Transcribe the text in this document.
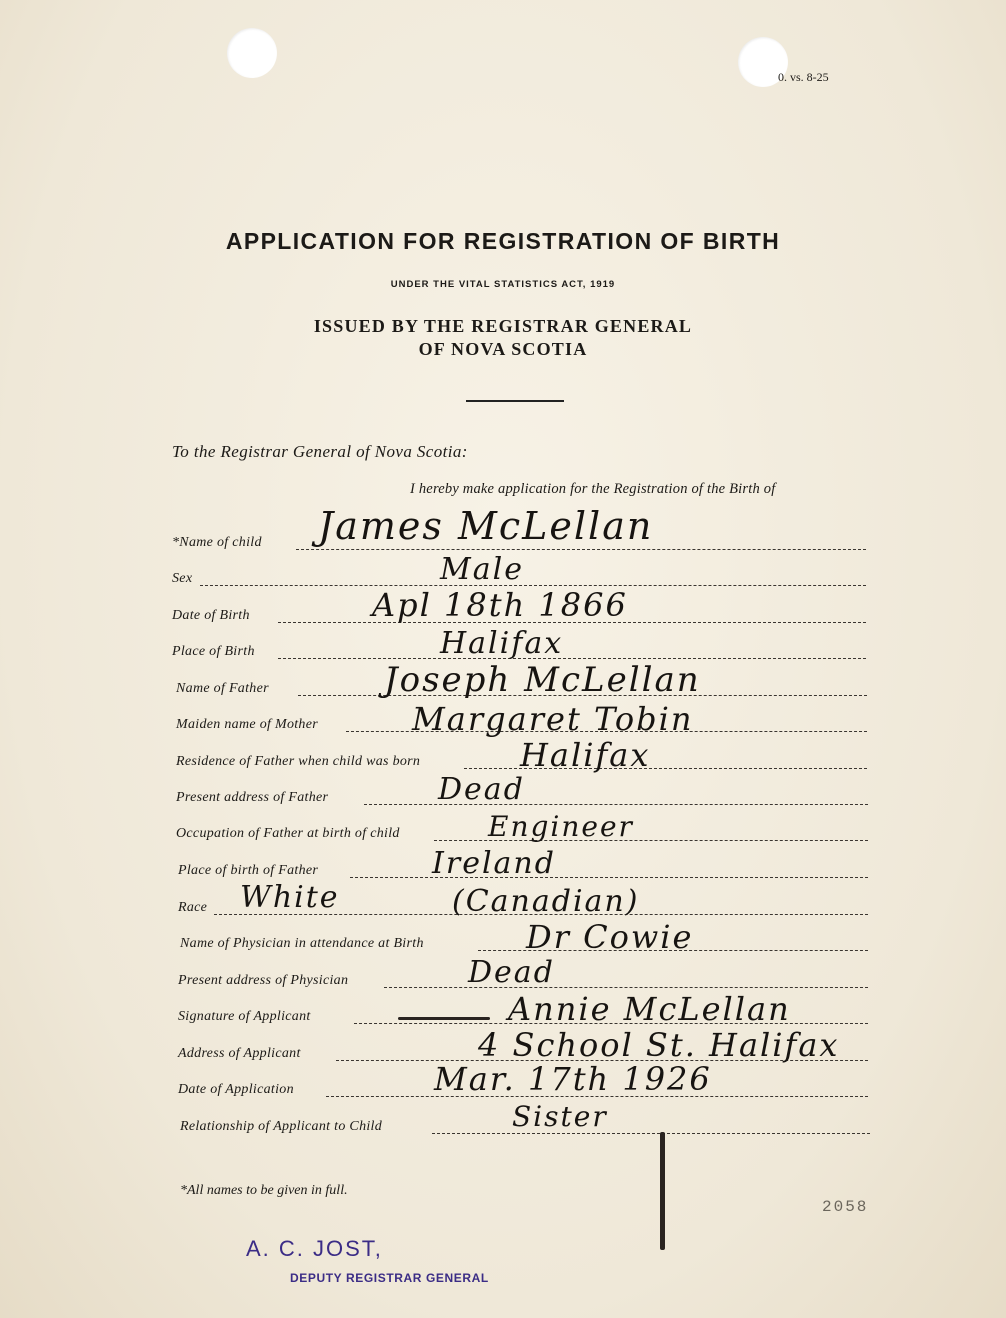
0. vs. 8-25
APPLICATION FOR REGISTRATION OF BIRTH
UNDER THE VITAL STATISTICS ACT, 1919
ISSUED BY THE REGISTRAR GENERAL
OF NOVA SCOTIA
To the Registrar General of Nova Scotia:
I hereby make application for the Registration of the Birth of
*Name of child
Sex
Date of Birth
Place of Birth
Name of Father
Maiden name of Mother
Residence of Father when child was born
Present address of Father
Occupation of Father at birth of child
Place of birth of Father
Race
Name of Physician in attendance at Birth
Present address of Physician
Signature of Applicant
Address of Applicant
Date of Application
Relationship of Applicant to Child
James McLellan
Male
Apl 18th 1866
Halifax
Joseph McLellan
Margaret Tobin
Halifax
Dead
Engineer
Ireland
White	(Canadian)
Dr Cowie
Dead
Annie McLellan
4 School St. Halifax
Mar. 17th 1926
Sister
*All names to be given in full.
2058
A. C. JOST,
DEPUTY REGISTRAR GENERAL
